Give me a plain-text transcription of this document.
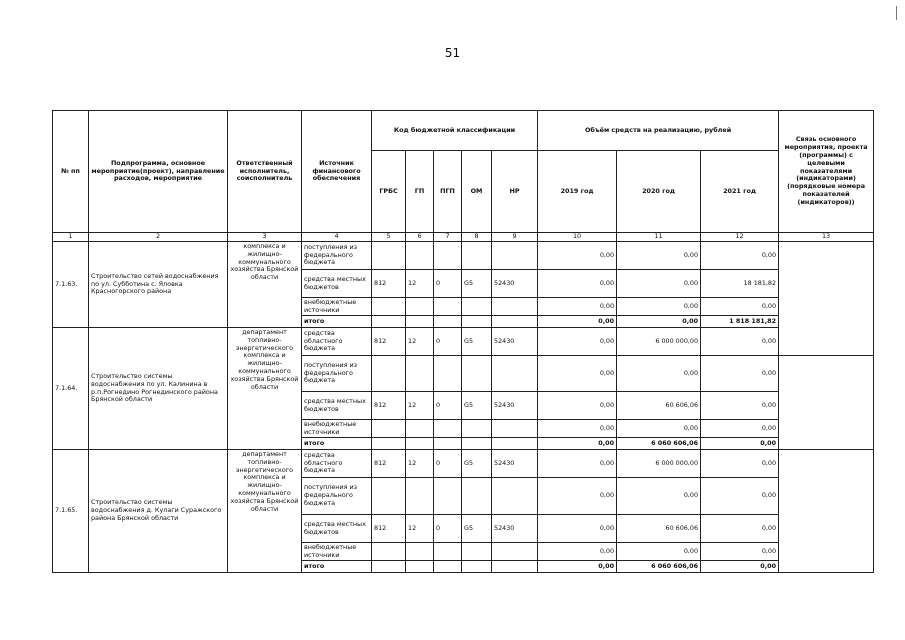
51
№ пп	Подпрограмма, основное мероприятие(проект), направление расходов, мероприятие	Ответственный исполнитель, соисполнитель	Источник финансового обеспечения	Код бюджетной классификации					Объём средств на реализацию, рублей			Связь основного мероприятия, проекта (программы) с целевыми показателями (индикаторами) (порядковые номера показателей (индикаторов))	
				ГРБС	ГП	ПГП	ОМ	НР	2019 год	2020 год	2021 год		
1	2	3	4	5	6	7	8	9	10	11	12	13	
7.1.63.	Строительство сетей водоснабжения по ул. Субботина с. Яловка Красногорского района	комплекса и жилищно-коммунального хозяйства Брянской области	поступления из федерального бюджета						0,00	0,00	0,00		
			средства местных бюджетов	812	12	0	G5	52430	0,00	0,00	18 181,82		
			внебюджетные источники						0,00	0,00	0,00		
			итого						0,00	0,00	1 818 181,82		
7.1.64.	Строительство системы водоснабжения по ул. Калинина в р.п.Рогнедино Рогнединского района Брянской области	департамент топливно-энергетического комплекса и жилищно-коммунального хозяйства Брянской области	средства областного бюджета	812	12	0	G5	52430	0,00	6 000 000,00	0,00		
			поступления из федерального бюджета						0,00	0,00	0,00		
			средства местных бюджетов	812	12	0	G5	52430	0,00	60 606,06	0,00		
			внебюджетные источники						0,00	0,00	0,00		
			итого						0,00	6 060 606,06	0,00		
7.1.65.	Строительство системы водоснабжения д. Кулаги Суражского района Брянской области	департамент топливно-энергетического комплекса и жилищно-коммунального хозяйства Брянской области	средства областного бюджета	812	12	0	G5	52430	0,00	6 000 000,00	0,00		
			поступления из федерального бюджета						0,00	0,00	0,00		
			средства местных бюджетов	812	12	0	G5	52430	0,00	60 606,06	0,00		
			внебюджетные источники						0,00	0,00	0,00		
			итого						0,00	6 060 606,06	0,00		
